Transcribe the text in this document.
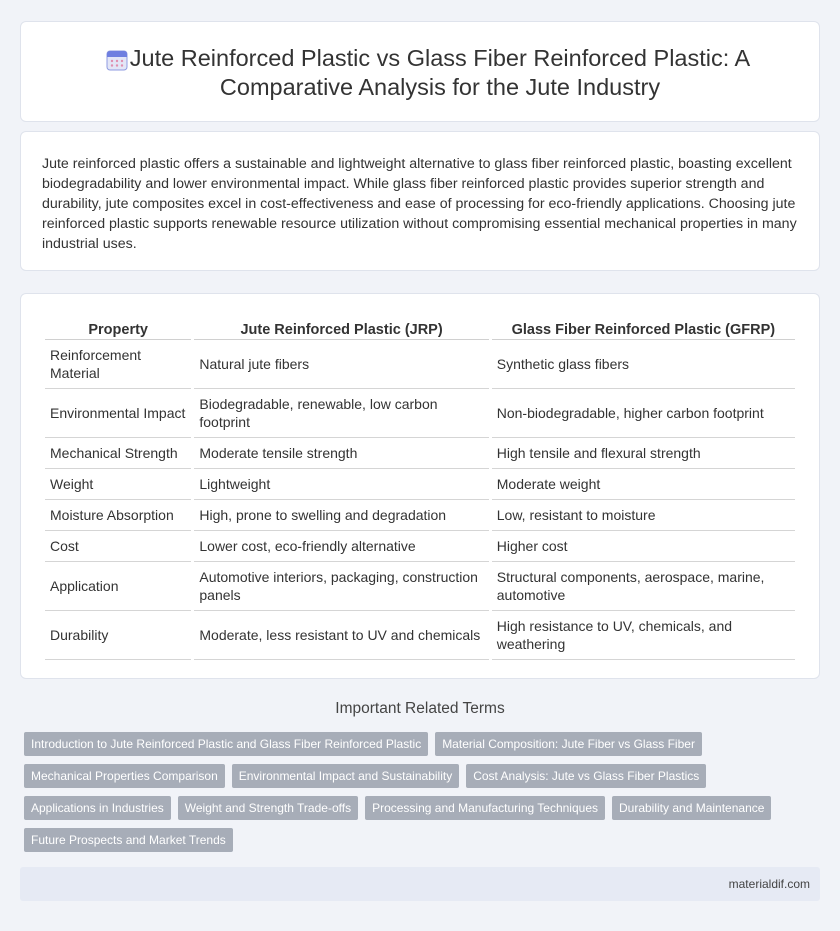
Jute Reinforced Plastic vs Glass Fiber Reinforced Plastic: A Comparative Analysis for the Jute Industry

Jute reinforced plastic offers a sustainable and lightweight alternative to glass fiber reinforced plastic, boasting excellent biodegradability and lower environmental impact. While glass fiber reinforced plastic provides superior strength and durability, jute composites excel in cost-effectiveness and ease of processing for eco-friendly applications. Choosing jute reinforced plastic supports renewable resource utilization without compromising essential mechanical properties in many industrial uses.

Property	Jute Reinforced Plastic (JRP)	Glass Fiber Reinforced Plastic (GFRP)
Reinforcement Material	Natural jute fibers	Synthetic glass fibers
Environmental Impact	Biodegradable, renewable, low carbon footprint	Non-biodegradable, higher carbon footprint
Mechanical Strength	Moderate tensile strength	High tensile and flexural strength
Weight	Lightweight	Moderate weight
Moisture Absorption	High, prone to swelling and degradation	Low, resistant to moisture
Cost	Lower cost, eco-friendly alternative	Higher cost
Application	Automotive interiors, packaging, construction panels	Structural components, aerospace, marine, automotive
Durability	Moderate, less resistant to UV and chemicals	High resistance to UV, chemicals, and weathering
Important Related Terms
Introduction to Jute Reinforced Plastic and Glass Fiber Reinforced Plastic	Material Composition: Jute Fiber vs Glass Fiber
Mechanical Properties Comparison	Environmental Impact and Sustainability	Cost Analysis: Jute vs Glass Fiber Plastics
Applications in Industries	Weight and Strength Trade-offs	Processing and Manufacturing Techniques	Durability and Maintenance
Future Prospects and Market Trends
materialdif.com
